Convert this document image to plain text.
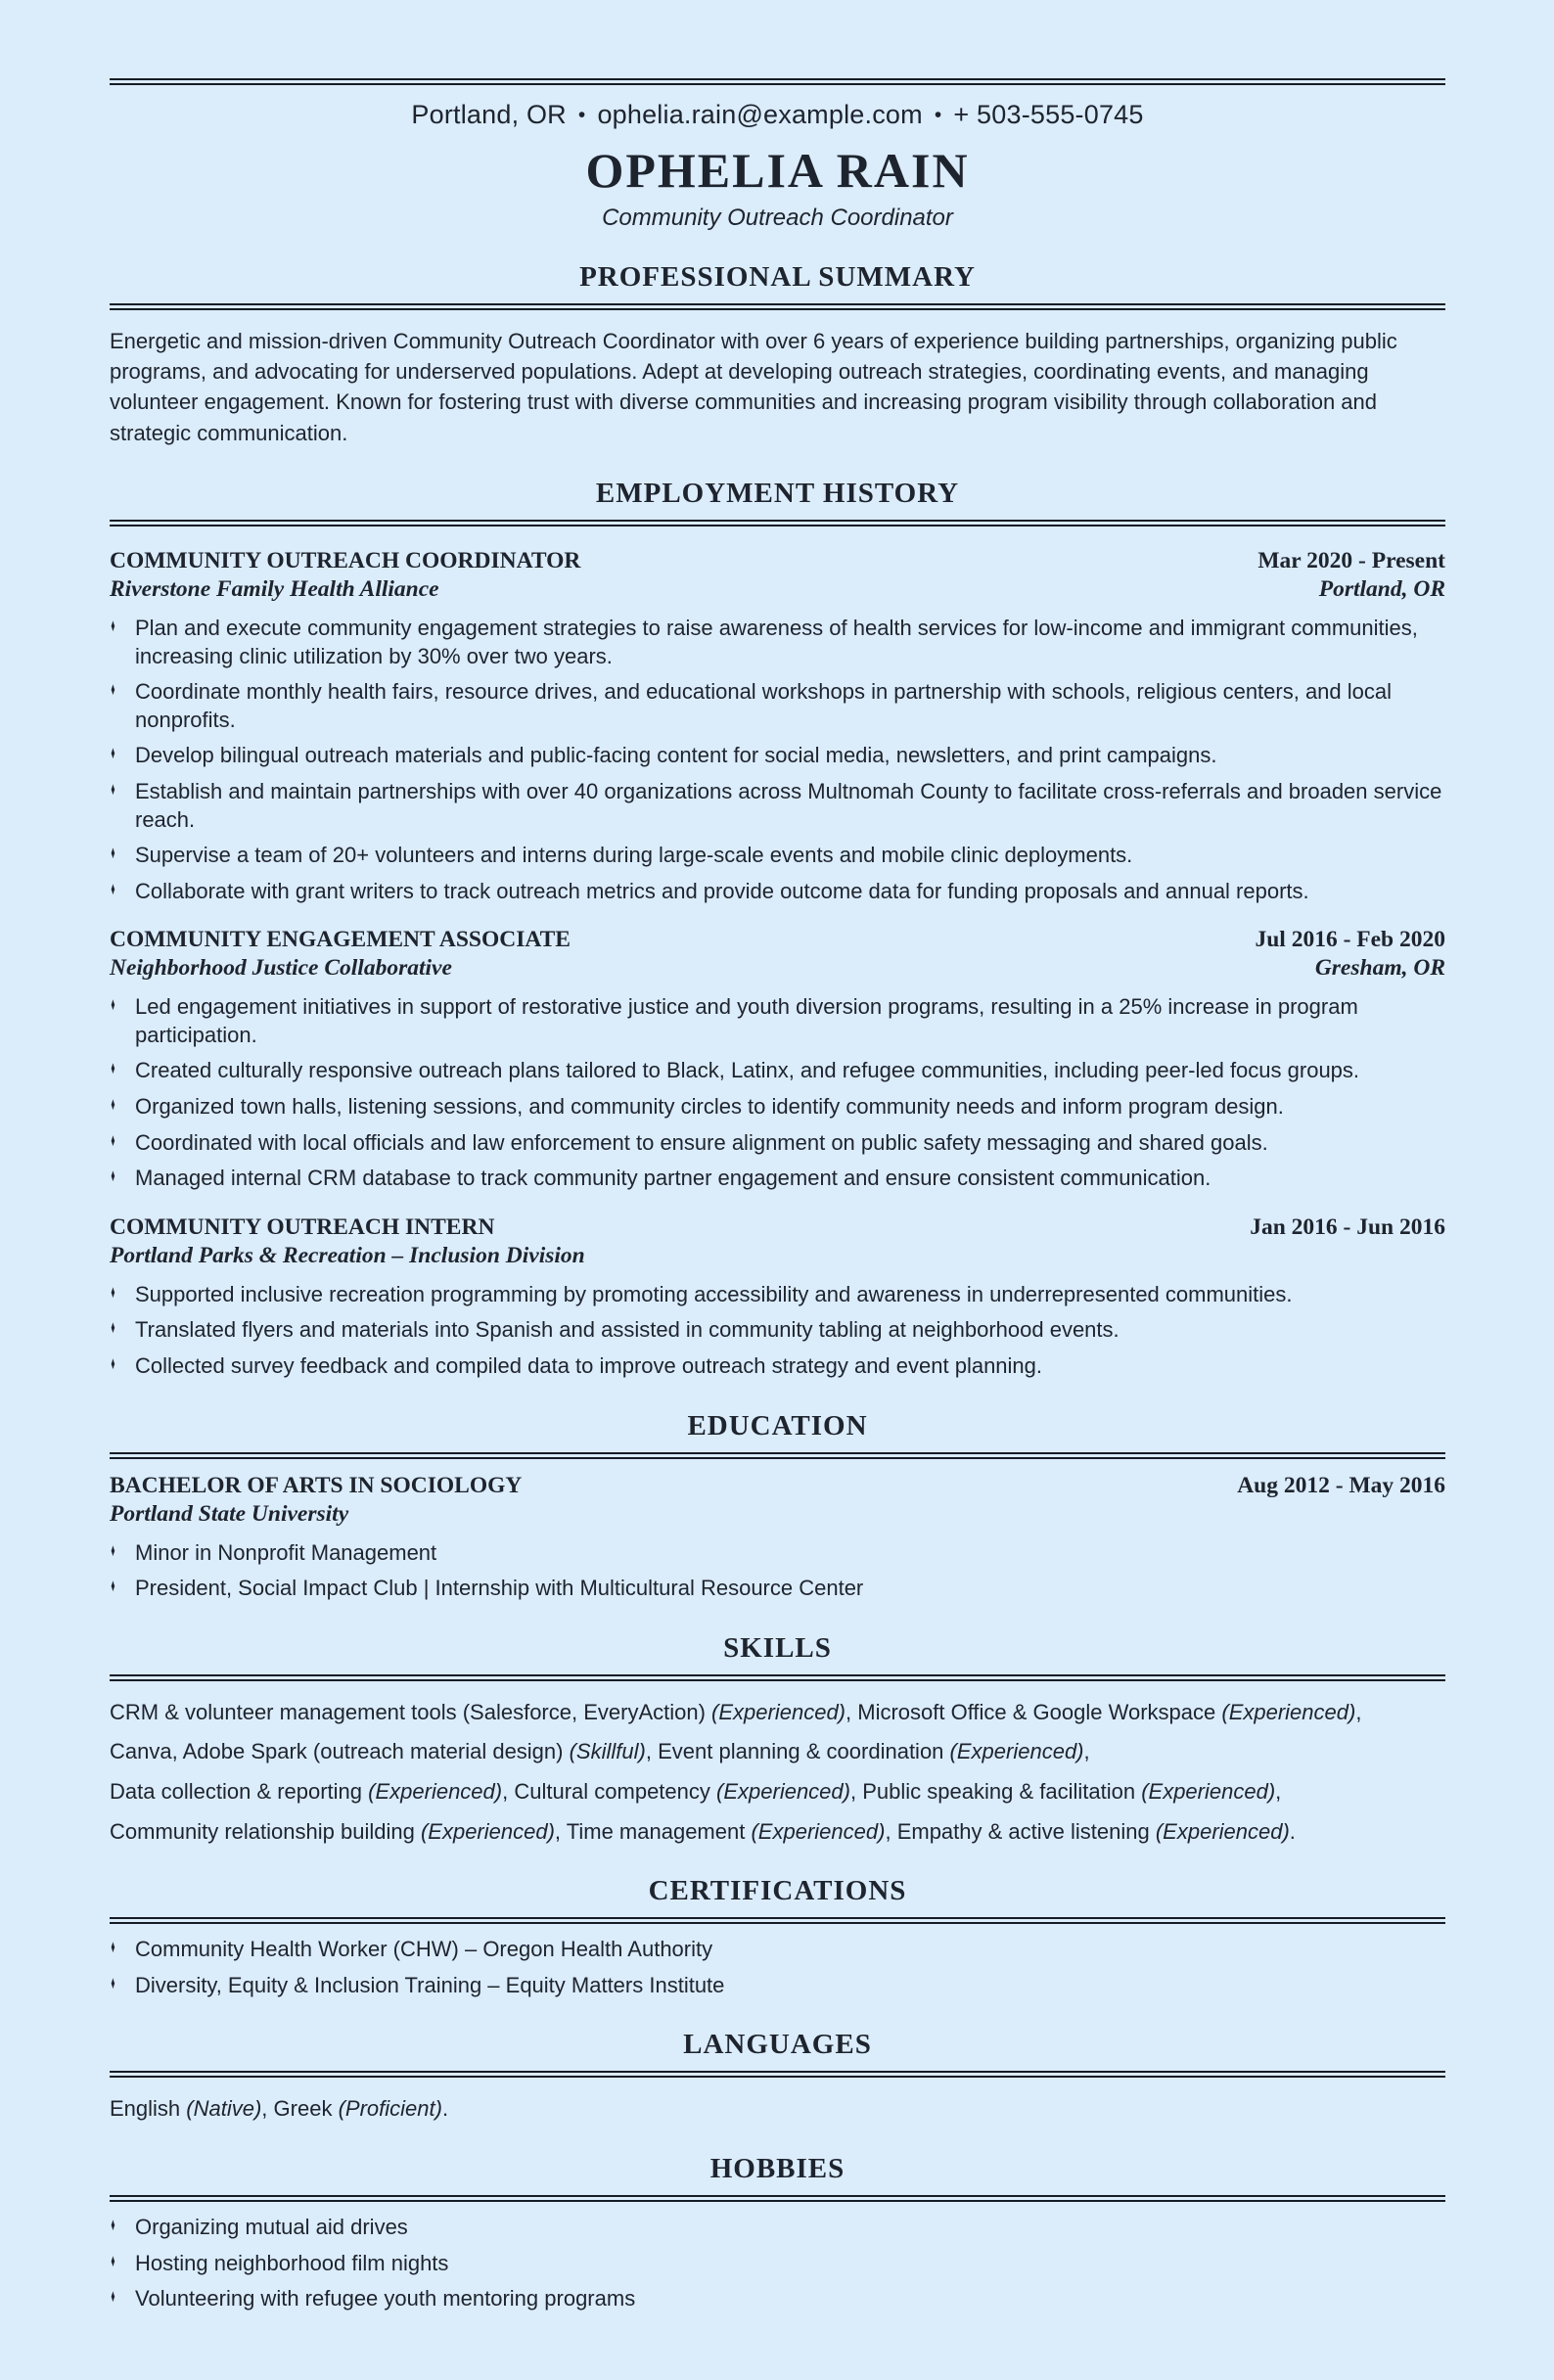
Portland, OR • ophelia.rain@example.com • + 503-555-0745
OPHELIA RAIN
Community Outreach Coordinator
PROFESSIONAL SUMMARY

Energetic and mission-driven Community Outreach Coordinator with over 6 years of experience building partnerships, organizing public programs, and advocating for underserved populations. Adept at developing outreach strategies, coordinating events, and managing volunteer engagement. Known for fostering trust with diverse communities and increasing program visibility through collaboration and strategic communication.

EMPLOYMENT HISTORY
COMMUNITY OUTREACH COORDINATOR	Mar 2020 - Present
Riverstone Family Health Alliance	Portland, OR
♦ Plan and execute community engagement strategies to raise awareness of health services for low-income and immigrant communities, increasing clinic utilization by 30% over two years.
♦ Coordinate monthly health fairs, resource drives, and educational workshops in partnership with schools, religious centers, and local nonprofits.
♦ Develop bilingual outreach materials and public-facing content for social media, newsletters, and print campaigns.
♦ Establish and maintain partnerships with over 40 organizations across Multnomah County to facilitate cross-referrals and broaden service reach.
♦ Supervise a team of 20+ volunteers and interns during large-scale events and mobile clinic deployments.
♦ Collaborate with grant writers to track outreach metrics and provide outcome data for funding proposals and annual reports.
COMMUNITY ENGAGEMENT ASSOCIATE	Jul 2016 - Feb 2020
Neighborhood Justice Collaborative	Gresham, OR
♦ Led engagement initiatives in support of restorative justice and youth diversion programs, resulting in a 25% increase in program participation.
♦ Created culturally responsive outreach plans tailored to Black, Latinx, and refugee communities, including peer-led focus groups.
♦ Organized town halls, listening sessions, and community circles to identify community needs and inform program design.
♦ Coordinated with local officials and law enforcement to ensure alignment on public safety messaging and shared goals.
♦ Managed internal CRM database to track community partner engagement and ensure consistent communication.
COMMUNITY OUTREACH INTERN	Jan 2016 - Jun 2016
Portland Parks & Recreation – Inclusion Division
♦ Supported inclusive recreation programming by promoting accessibility and awareness in underrepresented communities.
♦ Translated flyers and materials into Spanish and assisted in community tabling at neighborhood events.
♦ Collected survey feedback and compiled data to improve outreach strategy and event planning.
EDUCATION
BACHELOR OF ARTS IN SOCIOLOGY	Aug 2012 - May 2016
Portland State University
♦ Minor in Nonprofit Management
♦ President, Social Impact Club | Internship with Multicultural Resource Center
SKILLS
CRM & volunteer management tools (Salesforce, EveryAction) (Experienced), Microsoft Office & Google Workspace (Experienced),
Canva, Adobe Spark (outreach material design) (Skillful), Event planning & coordination (Experienced),
Data collection & reporting (Experienced), Cultural competency (Experienced), Public speaking & facilitation (Experienced),
Community relationship building (Experienced), Time management (Experienced), Empathy & active listening (Experienced).
CERTIFICATIONS
♦ Community Health Worker (CHW) – Oregon Health Authority
♦ Diversity, Equity & Inclusion Training – Equity Matters Institute
LANGUAGES
English (Native), Greek (Proficient).
HOBBIES
♦ Organizing mutual aid drives
♦ Hosting neighborhood film nights
♦ Volunteering with refugee youth mentoring programs
